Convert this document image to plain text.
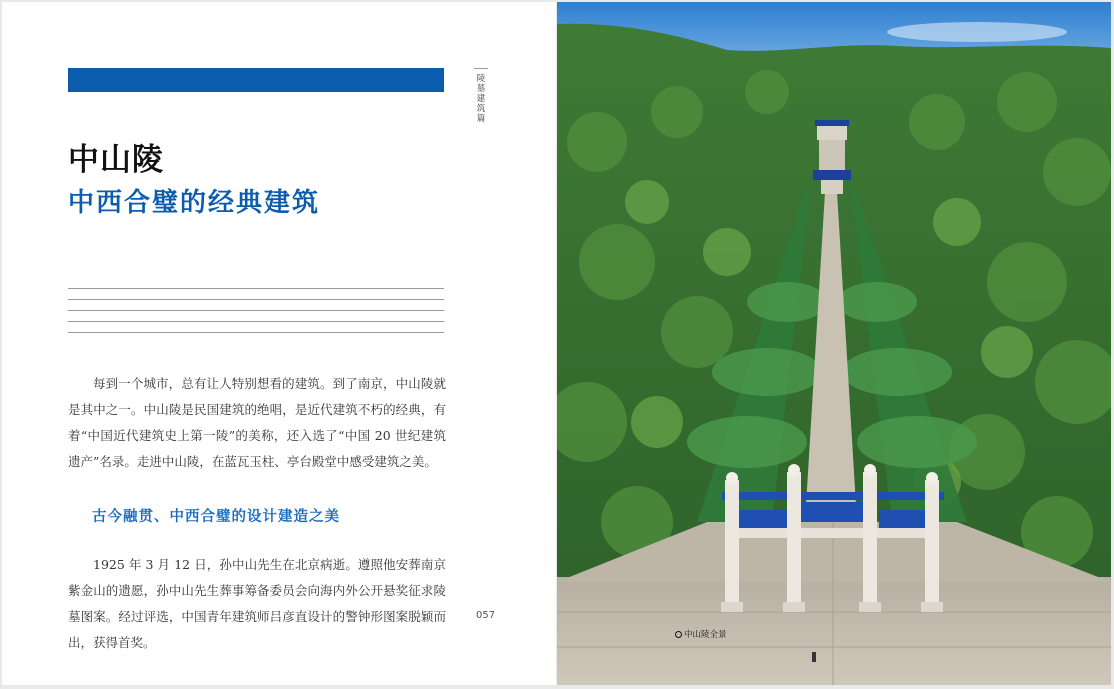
陵墓建筑篇
中山陵
中西合璧的经典建筑

每到一个城市，总有让人特别想看的建筑。到了南京，中山陵就是其中之一。中山陵是民国建筑的绝唱，是近代建筑不朽的经典，有着“中国近代建筑史上第一陵”的美称，还入选了“中国 20 世纪建筑遗产”名录。走进中山陵，在蓝瓦玉柱、亭台殿堂中感受建筑之美。

古今融贯、中西合璧的设计建造之美

1925 年 3 月 12 日，孙中山先生在北京病逝。遵照他安葬南京紫金山的遗愿，孙中山先生葬事筹备委员会向海内外公开悬奖征求陵墓图案。经过评选，中国青年建筑师吕彦直设计的警钟形图案脱颖而出，获得首奖。

057
中山陵全景
